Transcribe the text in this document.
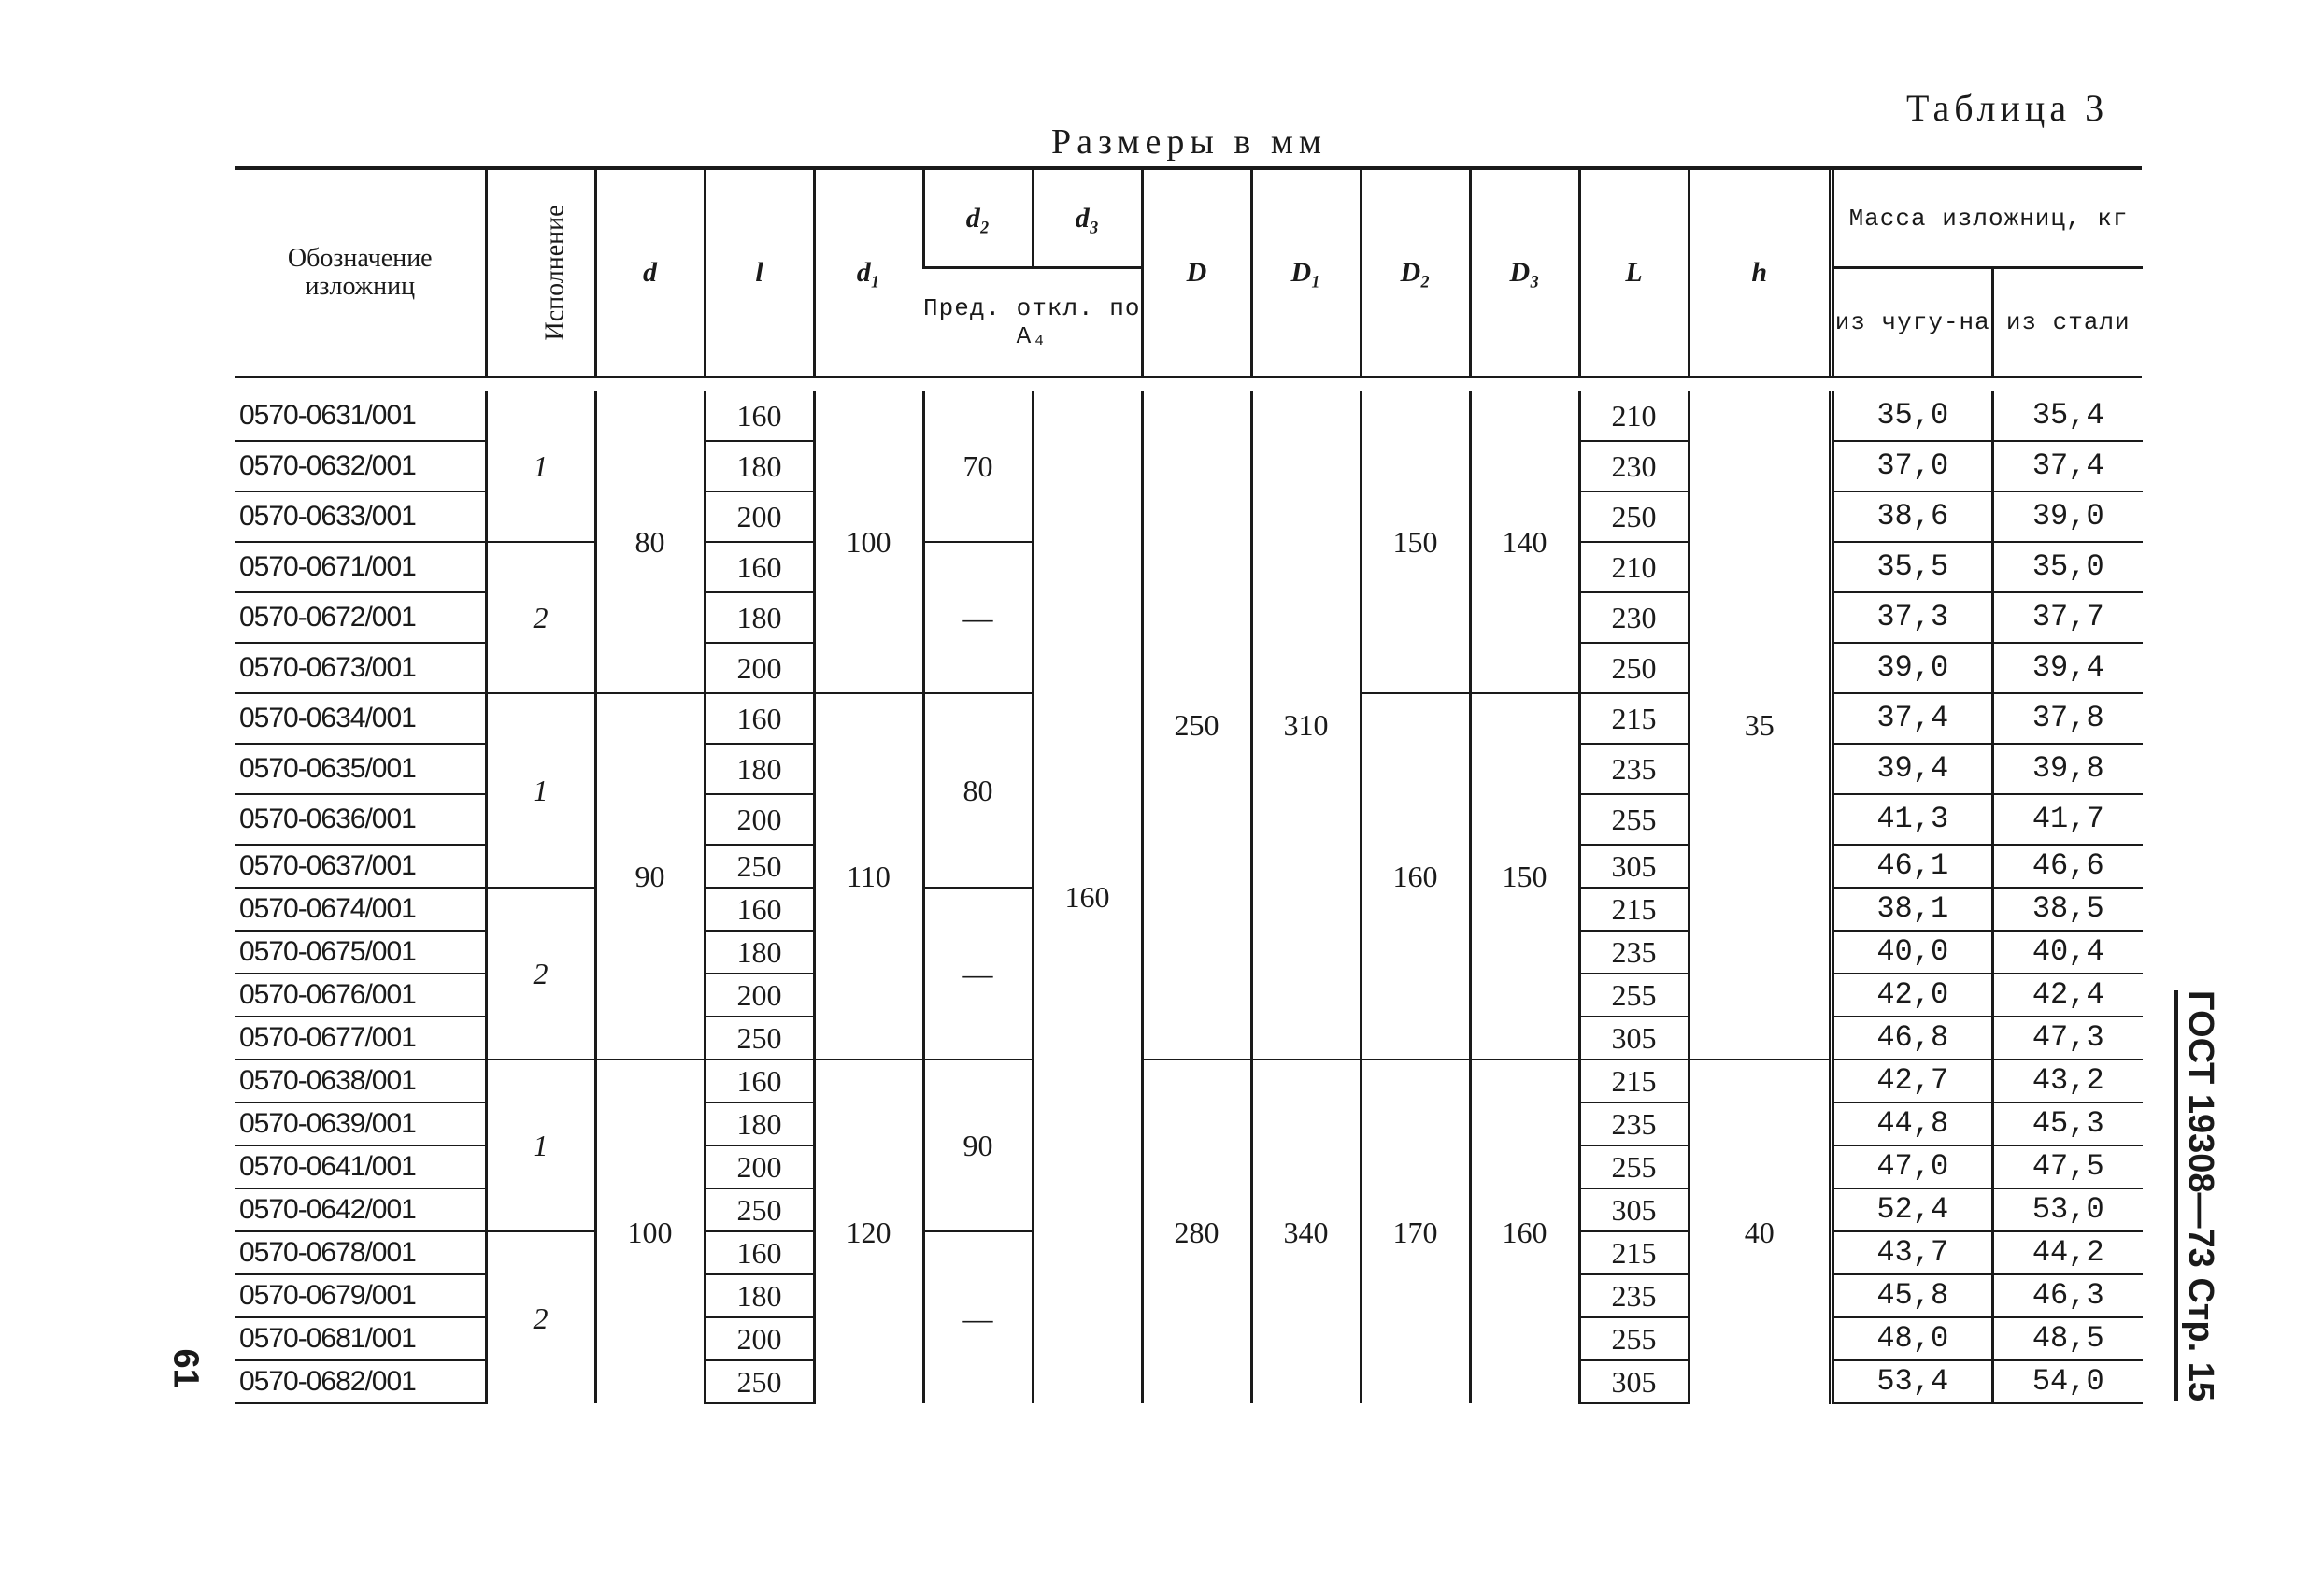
Таблица 3
Размеры в мм
Обозначение изложниц	Исполнение	d	l	d₁	d₂	d₃	D	D₁	D₂	D₃	L	h	Масса изложниц, кг	
					Пред. откл. по A₄								из чугу-на	из стали
0570-0631/001	1	80	160	100	70	160	250	310	150	140	210	35	35,0	35,4
0570-0632/001			180								230		37,0	37,4
0570-0633/001			200								250		38,6	39,0
0570-0671/001	2		160		—						210		35,5	35,0
0570-0672/001			180								230		37,3	37,7
0570-0673/001			200								250		39,0	39,4
0570-0634/001	1	90	160	110	80				160	150	215		37,4	37,8
0570-0635/001			180								235		39,4	39,8
0570-0636/001			200								255		41,3	41,7
0570-0637/001			250								305		46,1	46,6
0570-0674/001	2		160		—						215		38,1	38,5
0570-0675/001			180								235		40,0	40,4
0570-0676/001			200								255		42,0	42,4
0570-0677/001			250								305		46,8	47,3
0570-0638/001	1	100	160	120	90		280	340	170	160	215	40	42,7	43,2
0570-0639/001			180								235		44,8	45,3
0570-0641/001			200								255		47,0	47,5
0570-0642/001			250								305		52,4	53,0
0570-0678/001	2		160		—						215		43,7	44,2
0570-0679/001			180								235		45,8	46,3
0570-0681/001			200								255		48,0	48,5
0570-0682/001			250								305		53,4	54,0	ГОСТ 19308—73 Стр. 15
61
